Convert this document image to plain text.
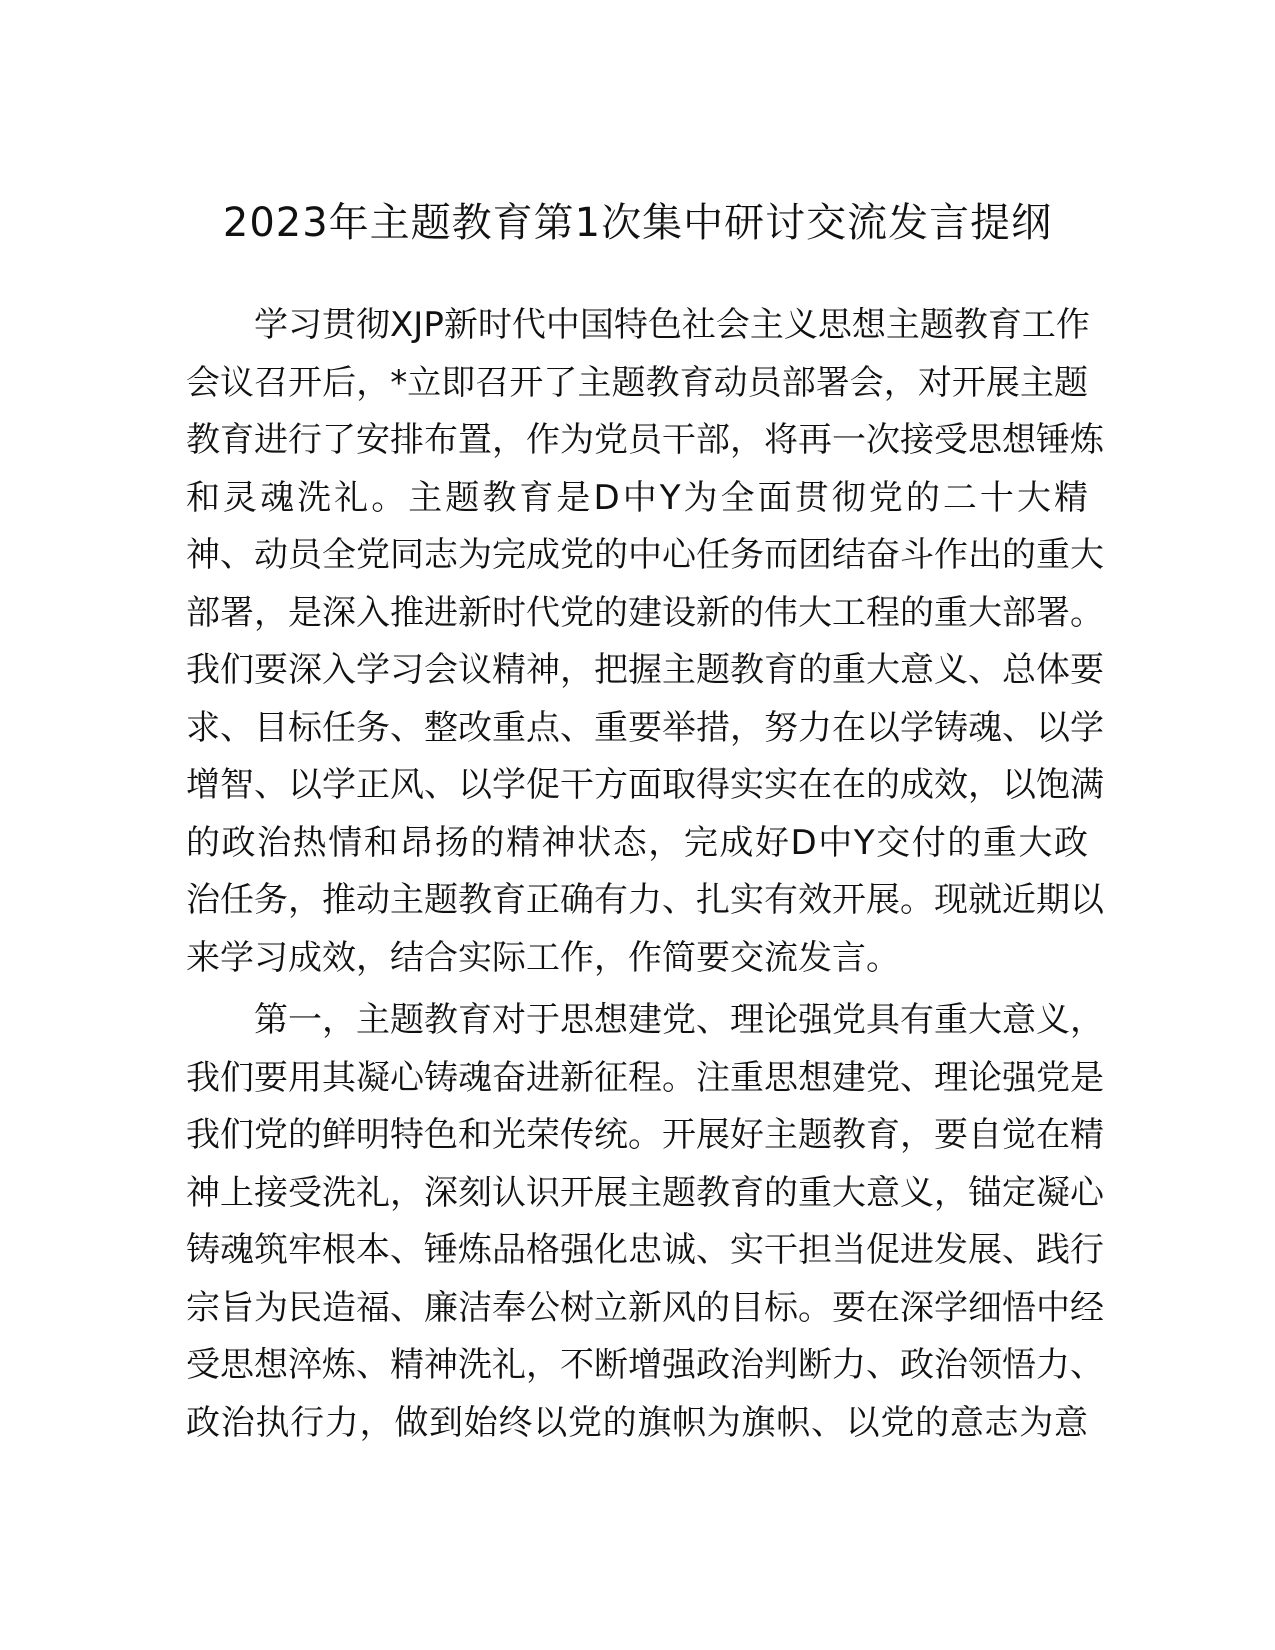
2023年主题教育第1次集中研讨交流发言提纲
学习贯彻XJP新时代中国特色社会主义思想主题教育工作
会议召开后，*立即召开了主题教育动员部署会，对开展主题
教育进行了安排布置，作为党员干部，将再一次接受思想锤炼
和灵魂洗礼。主题教育是D中Y为全面贯彻党的二十大精
神、动员全党同志为完成党的中心任务而团结奋斗作出的重大
部署，是深入推进新时代党的建设新的伟大工程的重大部署。
我们要深入学习会议精神，把握主题教育的重大意义、总体要
求、目标任务、整改重点、重要举措，努力在以学铸魂、以学
增智、以学正风、以学促干方面取得实实在在的成效，以饱满
的政治热情和昂扬的精神状态，完成好D中Y交付的重大政
治任务，推动主题教育正确有力、扎实有效开展。现就近期以
来学习成效，结合实际工作，作简要交流发言。
第一，主题教育对于思想建党、理论强党具有重大意义，
我们要用其凝心铸魂奋进新征程。注重思想建党、理论强党是
我们党的鲜明特色和光荣传统。开展好主题教育，要自觉在精
神上接受洗礼，深刻认识开展主题教育的重大意义，锚定凝心
铸魂筑牢根本、锤炼品格强化忠诚、实干担当促进发展、践行
宗旨为民造福、廉洁奉公树立新风的目标。要在深学细悟中经
受思想淬炼、精神洗礼，不断增强政治判断力、政治领悟力、
政治执行力，做到始终以党的旗帜为旗帜、以党的意志为意
